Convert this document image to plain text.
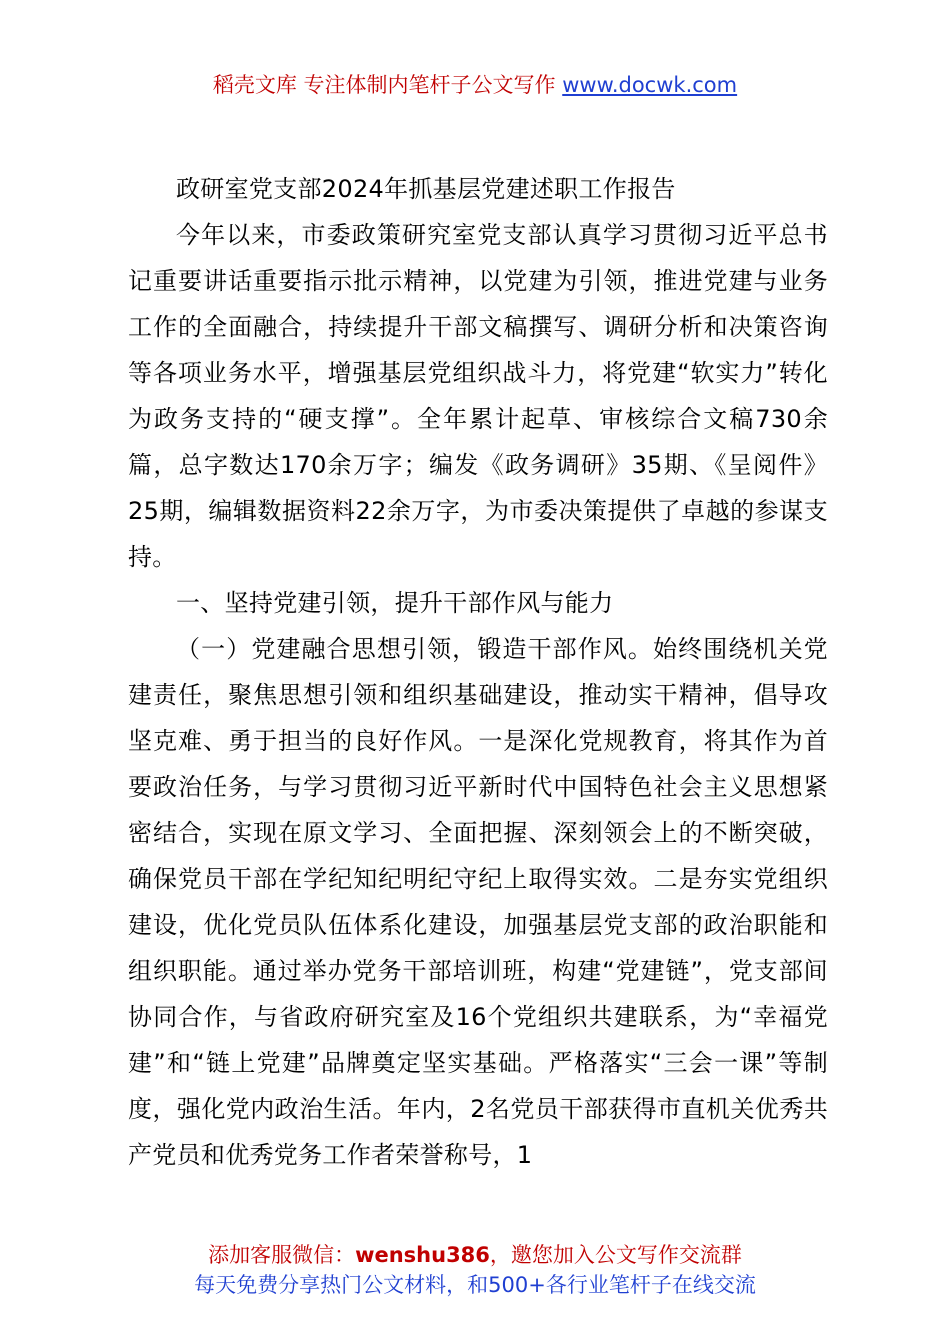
稻壳文库 专注体制内笔杆子公文写作 www.docwk.com

政研室党支部2024年抓基层党建述职工作报告

今年以来，市委政策研究室党支部认真学习贯彻习近平总书记重要讲话重要指示批示精神，以党建为引领，推进党建与业务工作的全面融合，持续提升干部文稿撰写、调研分析和决策咨询等各项业务水平，增强基层党组织战斗力，将党建“软实力”转化为政务支持的“硬支撑”。全年累计起草、审核综合文稿730余篇，总字数达170余万字；编发《政务调研》35期、《呈阅件》25期，编辑数据资料22余万字，为市委决策提供了卓越的参谋支持。

一、坚持党建引领，提升干部作风与能力

（一）党建融合思想引领，锻造干部作风。始终围绕机关党建责任，聚焦思想引领和组织基础建设，推动实干精神，倡导攻坚克难、勇于担当的良好作风。一是深化党规教育，将其作为首要政治任务，与学习贯彻习近平新时代中国特色社会主义思想紧密结合，实现在原文学习、全面把握、深刻领会上的不断突破，确保党员干部在学纪知纪明纪守纪上取得实效。二是夯实党组织建设，优化党员队伍体系化建设，加强基层党支部的政治职能和组织职能。通过举办党务干部培训班，构建“党建链”，党支部间协同合作，与省政府研究室及16个党组织共建联系，为“幸福党建”和“链上党建”品牌奠定坚实基础。严格落实“三会一课”等制度，强化党内政治生活。年内，2名党员干部获得市直机关优秀共产党员和优秀党务工作者荣誉称号，1

添加客服微信：wenshu386，邀您加入公文写作交流群
每天免费分享热门公文材料，和500+各行业笔杆子在线交流
